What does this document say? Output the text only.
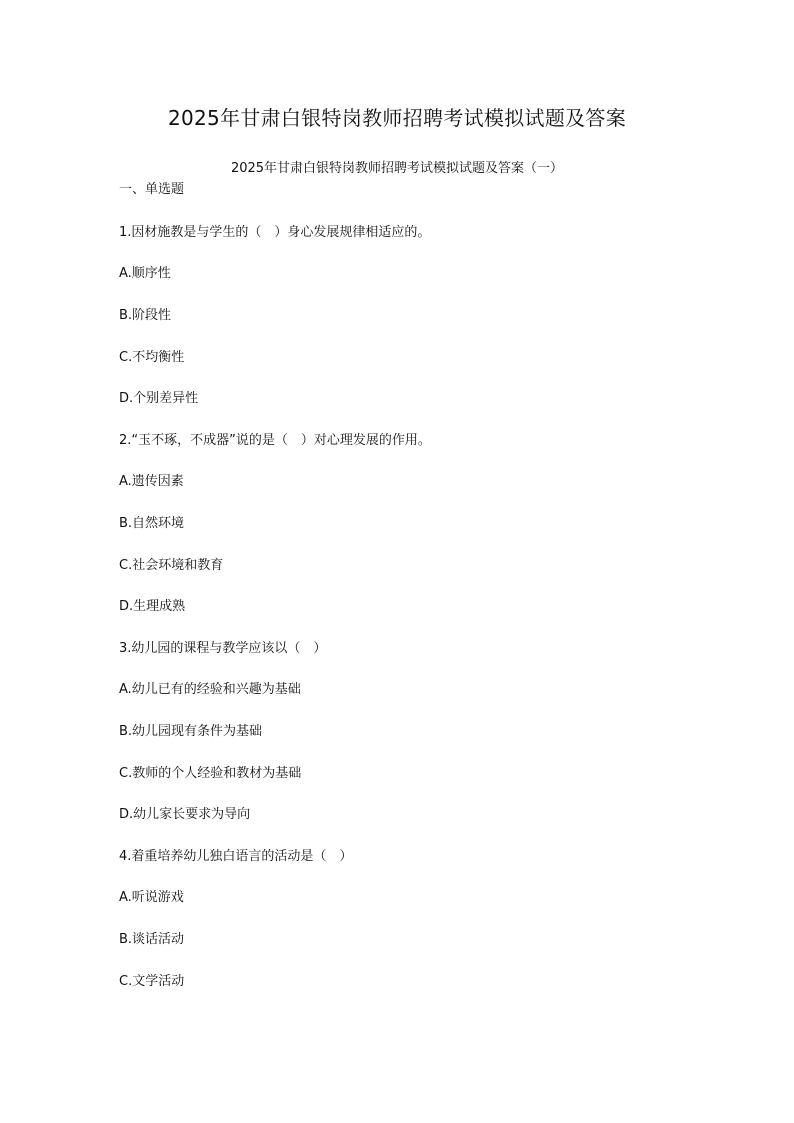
2025年甘肃白银特岗教师招聘考试模拟试题及答案
2025年甘肃白银特岗教师招聘考试模拟试题及答案（一）
一、单选题
1.因材施教是与学生的（　）身心发展规律相适应的。
A.顺序性
B.阶段性
C.不均衡性
D.个别差异性
2.“玉不琢，不成器”说的是（　）对心理发展的作用。
A.遗传因素
B.自然环境
C.社会环境和教育
D.生理成熟
3.幼儿园的课程与教学应该以（　）
A.幼儿已有的经验和兴趣为基础
B.幼儿园现有条件为基础
C.教师的个人经验和教材为基础
D.幼儿家长要求为导向
4.着重培养幼儿独白语言的活动是（　）
A.听说游戏
B.谈话活动
C.文学活动
